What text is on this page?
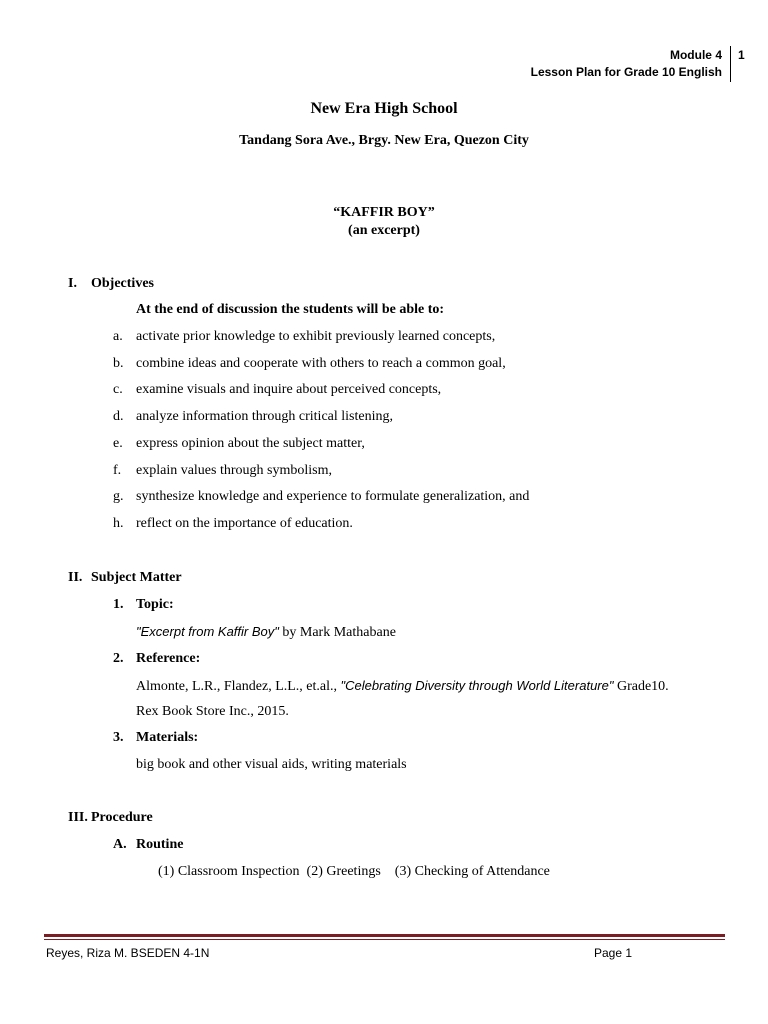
Module 4
Lesson Plan for Grade 10 English
1
New Era High School
Tandang Sora Ave., Brgy. New Era, Quezon City
“KAFFIR BOY”
(an excerpt)
I. Objectives
At the end of discussion the students will be able to:
a. activate prior knowledge to exhibit previously learned concepts,
b. combine ideas and cooperate with others to reach a common goal,
c. examine visuals and inquire about perceived concepts,
d. analyze information through critical listening,
e. express opinion about the subject matter,
f. explain values through symbolism,
g. synthesize knowledge and experience to formulate generalization, and
h. reflect on the importance of education.
II. Subject Matter
1. Topic:
"Excerpt from Kaffir Boy" by Mark Mathabane
2. Reference:
Almonte, L.R., Flandez, L.L., et.al., "Celebrating Diversity through World Literature" Grade10.
Rex Book Store Inc., 2015.
3. Materials:
big book and other visual aids, writing materials
III. Procedure
A. Routine
(1) Classroom Inspection  (2) Greetings    (3) Checking of Attendance
Reyes, Riza M. BSEDEN 4-1N	Page 1
